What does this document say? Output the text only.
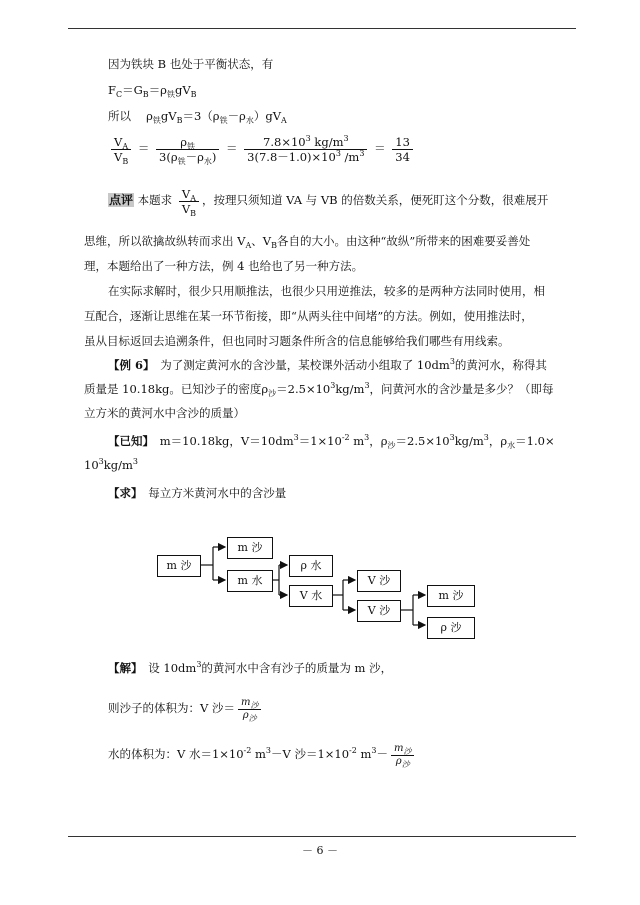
因为铁块 B 也处于平衡状态，有
$F_C=G_B=\rho_铁gV_B$
所以　 $\rho_铁gV_B=3(\rho_铁-\rho_水)gV_A$
$\frac{V_A}{V_B} = \frac{\rho_铁}{3(\rho_铁-\rho_水)} = \frac{7.8\times 10^3 kg/m^3}{3(7.8-1.0)\times 10^3 /m^3} = \frac{13}{34}$
点评 本题求 $\frac{V_A}{V_B}$ ，按理只须知道 VA 与 VB 的倍数关系，便死盯这个分数，很难展开
思维，所以欲擒故纵转而求出 $V_A$、$V_B$各自的大小。由这种“故纵”所带来的困难要妥善处
理，本题给出了一种方法，例 4 也给也了另一种方法。
在实际求解时，很少只用顺推法，也很少只用逆推法，较多的是两种方法同时使用，相
互配合，逐渐让思维在某一环节衔接，即“从两头往中间堵”的方法。例如，使用推法时，
虽从目标返回去追溯条件，但也同时习题条件所含的信息能够给我们哪些有用线索。
【例 6】　为了测定黄河水的含沙量，某校课外活动小组取了 $10dm^3$的黄河水，称得其
质量是 10.18kg。已知沙子的密度$\rho_沙=2.5\times 10^3kg/m^3$，问黄河水的含沙量是多少？（即每
立方米的黄河水中含沙的质量）
【已知】　m＝10.18kg，$V=10dm^3=1\times 10^{-2}$ $m^3$，$\rho_沙=2.5\times 10^3kg/m^3$，$\rho_水=1.0\times$
$10^3kg/m^3$
【求】　每立方米黄河水中的含沙量
m 沙
m 沙
m 水
ρ 水
V 水
V 沙
V 沙
m 沙
ρ 沙
【解】　设 $10dm^3$的黄河水中含有沙子的质量为 m 沙，
则沙子的体积为：V 沙＝ $\frac{m_沙}{\rho_沙}$
水的体积为：V 水$=1\times 10^{-2}$ $m^3-V$ 沙$=1\times 10^{-2}$ $m^3- \frac{m_沙}{\rho_沙}$
－ 6 －
